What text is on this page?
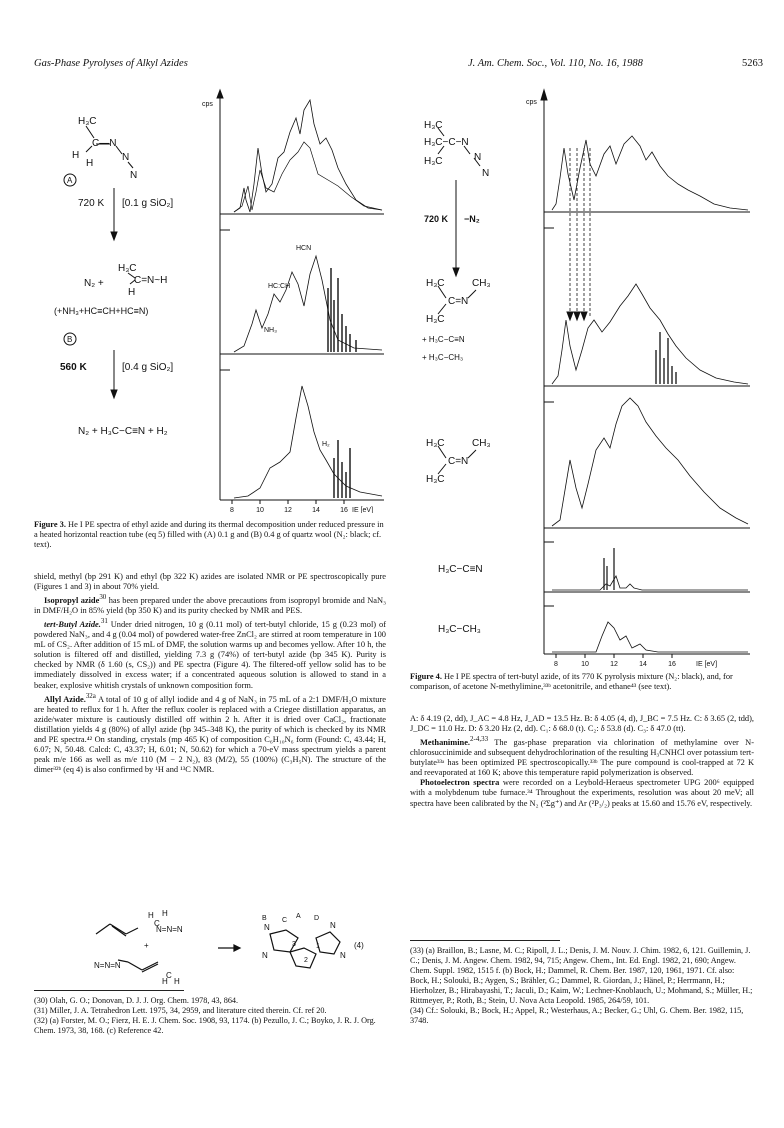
Gas-Phase Pyrolyses of Alkyl Azides	J. Am. Chem. Soc., Vol. 110, No. 16, 1988	5263
H₃C
C—N
H
H
N
N
H₃C
C=N~H
H
cps
A
B
720 K [0.1 g SiO₂]
N₂ +
(+NH₃+HC≡CH+HC≡N)
560 K	[0.4 g SiO₂]
N₂ + H₃C−C≡N + H₂
HCN
HC:CH
NH₃
H₂
8	10	12	14	16 IE [eV]
Figure 3. He I PE spectra of ethyl azide and during its thermal decomposition under reduced pressure in a heated horizontal reaction tube (eq 5) filled with (A) 0.1 g and (B) 0.4 g of quartz wool (N₂: black; cf. text).

shield, methyl (bp 291 K) and ethyl (bp 322 K) azides are isolated NMR or PE spectroscopically pure (Figures 1 and 3) in about 70% yield.

Isopropyl azide$^{30}$ has been prepared under the above precautions from isopropyl bromide and NaN₃ in DMF/H₂O in 85% yield (bp 350 K) and its purity checked by NMR and PES.

tert-Butyl Azide.$^{31}$ Under dried nitrogen, 10 g (0.11 mol) of tert-butyl chloride, 15 g (0.23 mol) of powdered NaN₃, and 4 g (0.04 mol) of powdered water-free ZnCl₂ are stirred at room temperature in 100 mL of CS₂. After addition of 15 mL of DMF, the solution warms up and becomes yellow. After 10 h, the solution is filtered off and distilled, yielding 7.3 g (74%) of tert-butyl azide (bp 345 K). Purity is checked by NMR (δ 1.60 (s, CS₂)) and PE spectra (Figure 4). The filtered-off yellow solid has to be immediately dissolved in excess water; if a concentrated aqueous solution is allowed to stand in a beaker, explosive whitish crystals of unknown composition form.

Allyl Azide.$^{32a}$ A total of 10 g of allyl iodide and 4 g of NaN₃ in 75 mL of a 2:1 DMF/H₂O mixture are heated to reflux for 1 h. After the reflux cooler is replaced with a Criegee distillation apparatus, an azide/water mixture is cautiously distilled off within 2 h. After it is dried over CaCl₂, fractionate distillation yields 4 g (80%) of allyl azide (bp 345–348 K), the purity of which is checked by its NMR and PE spectra.⁴² On standing, crystals (mp 465 K) of composition C₆H₁₀N₆ form (Found: C, 43.44; H, 6.07; N, 50.48. Calcd: C, 43.37; H, 6.01; N, 50.62) for which a 70-eV mass spectrum yields a parent peak m/e 166 as well as m/e 110 (M − 2 N₂), 83 (M/2), 55 (100%) (C₃H₅N). The structure of the dimer³²ᵇ (eq 4) is also confirmed by ¹H and ¹³C NMR.

N=N=N
+
N=N=N
H
C
H
C
H H
N	N
N	N
(4)
B C
A D
3
2
1

(30) Olah, G. O.; Donovan, D. J. J. Org. Chem. 1978, 43, 864.

(31) Miller, J. A. Tetrahedron Lett. 1975, 34, 2959, and literature cited therein. Cf. ref 20.

(32) (a) Forster, M. O.; Fierz, H. E. J. Chem. Soc. 1908, 93, 1174. (b) Pezullo, J. C.; Boyko, J. R. J. Org. Chem. 1973, 38, 168. (c) Reference 42.

H₃C
H₃C−C−N
H₃C	N
N
H₃C	CH₃
C=N
H₃C
H₃C	CH₃
C=N
H₃C
cps
720 K −N₂
+ H₃C−C≡N
+ H₃C−CH₃
H₃C−C≡N
H₃C−CH₃
8	10	12	14	16	IE [eV]
Figure 4. He I PE spectra of tert-butyl azide, of its 770 K pyrolysis mixture (N₂: black), and, for comparison, of acetone N-methylimine,³³ᵇ acetonitrile, and ethane⁴³ (see text).

A: δ 4.19 (2, dd), J_AC = 4.8 Hz, J_AD = 13.5 Hz. B: δ 4.05 (4, d), J_BC = 7.5 Hz. C: δ 3.65 (2, tdd), J_DC = 11.0 Hz. D: δ 3.20 Hz (2, dd). C₁: δ 68.0 (t). C₂: δ 53.8 (d). C₃: δ 47.0 (tt).

Methanimine.$^{2-4,33}$ The gas-phase preparation via chlorination of methylamine over N-chlorosuccinimide and subsequent dehydrochlorination of the resulting H₃CNHCl over potassium tert-butylate³³ᵃ has been optimized PE spectroscopically.³³ᵇ The pure compound is cool-trapped at 72 K and reevaporated at 160 K; above this temperature rapid polymerization is observed.

Photoelectron spectra were recorded on a Leybold-Heraeus spectrometer UPG 200⁶ equipped with a molybdenum tube furnace.³⁴ Throughout the experiments, resolution was about 20 meV; all spectra have been calibrated by the N₂ (²Σg⁺) and Ar (²P₃/₂) peaks at 15.60 and 15.76 eV, respectively.

(33) (a) Braillon, B.; Lasne, M. C.; Ripoll, J. L.; Denis, J. M. Nouv. J. Chim. 1982, 6, 121. Guillemin, J. C.; Denis, J. M. Angew. Chem. 1982, 94, 715; Angew. Chem., Int. Ed. Engl. 1982, 21, 690; Angew. Chem. Suppl. 1982, 1515 f. (b) Bock, H.; Dammel, R. Chem. Ber. 1987, 120, 1961, 1971. Cf. also: Bock, H.; Solouki, B.; Aygen, S.; Brähler, G.; Dammel, R. Giordan, J.; Hänel, P.; Herrmann, H.; Hierholzer, B.; Hirabayashi, T.; Jaculi, D.; Kaim, W.; Lechner-Knoblauch, U.; Mohmand, S.; Müller, H.; Rittmeyer, P.; Roth, B.; Stein, U. Nova Acta Leopold. 1985, 264/59, 101.

(34) Cf.: Solouki, B.; Bock, H.; Appel, R.; Westerhaus, A.; Becker, G.; Uhl, G. Chem. Ber. 1982, 115, 3748.
